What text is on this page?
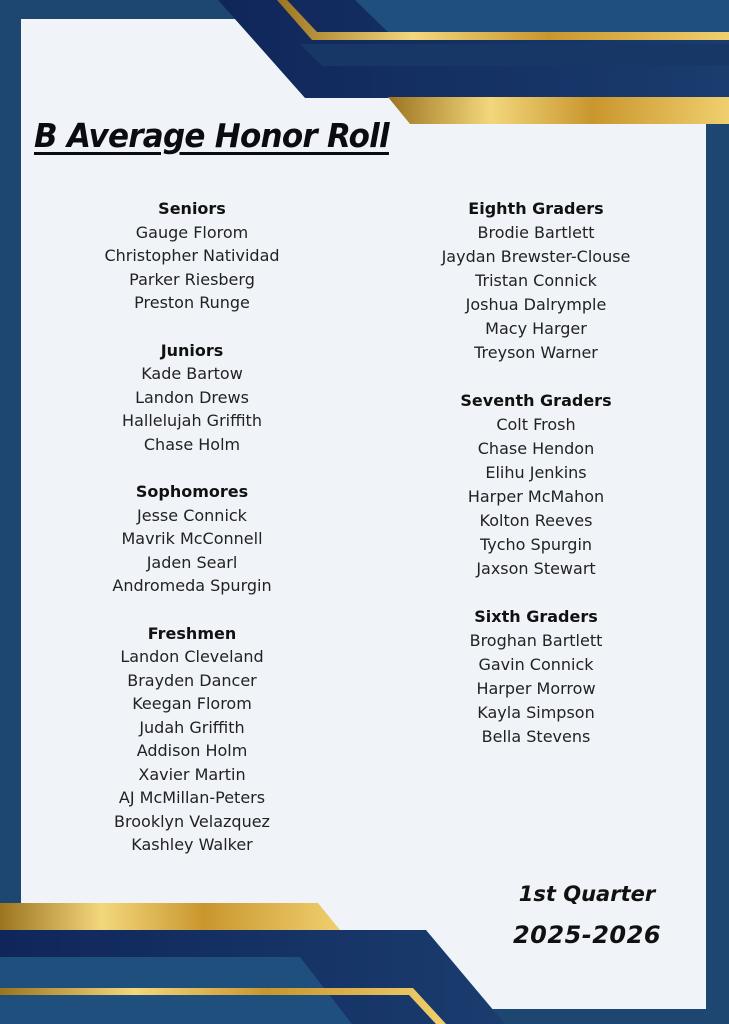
B Average Honor Roll
Seniors
Gauge Florom
Christopher Natividad
Parker Riesberg
Preston Runge
Juniors
Kade Bartow
Landon Drews
Hallelujah Griffith
Chase Holm
Sophomores
Jesse Connick
Mavrik McConnell
Jaden Searl
Andromeda Spurgin
Freshmen
Landon Cleveland
Brayden Dancer
Keegan Florom
Judah Griffith
Addison Holm
Xavier Martin
AJ McMillan-Peters
Brooklyn Velazquez
Kashley Walker
Eighth Graders
Brodie Bartlett
Jaydan Brewster-Clouse
Tristan Connick
Joshua Dalrymple
Macy Harger
Treyson Warner
Seventh Graders
Colt Frosh
Chase Hendon
Elihu Jenkins
Harper McMahon
Kolton Reeves
Tycho Spurgin
Jaxson Stewart
Sixth Graders
Broghan Bartlett
Gavin Connick
Harper Morrow
Kayla Simpson
Bella Stevens
1st Quarter
2025-2026
